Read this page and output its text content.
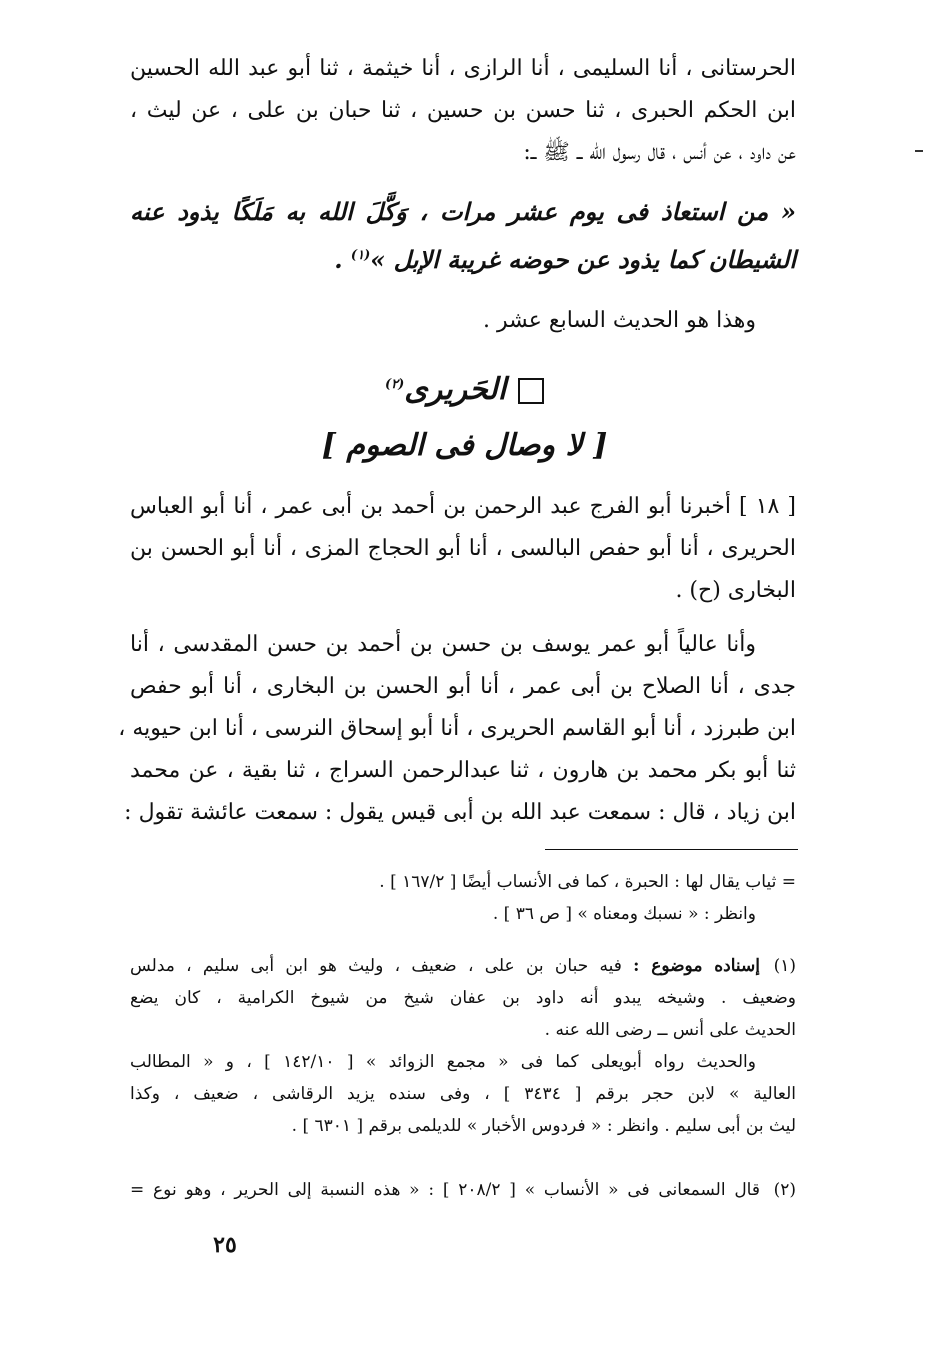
الحرستانى ، أنا السليمى ، أنا الرازى ، أنا خيثمة ، ثنا أبو عبد الله الحسين
ابن الحكم الحبرى ، ثنا حسن بن حسين ، ثنا حبان بن على ، عن ليث ،
عن داود ، عن أنس ، قال رسول الله ــ ﷺ ــ:
« من استعاذ فى يوم عشر مرات ، وَكَّلَ الله به مَلَكًا يذود عنه
الشيطان كما يذود عن حوضه غريبة الإبل »$^{(١)}$ .
وهذا هو الحديث السابع عشر .
الحَريرى$^{(٢)}$
[ لا وصال فى الصوم ]
[ ١٨ ] أخبرنا أبو الفرج عبد الرحمن بن أحمد بن أبى عمر ، أنا أبو العباس
الحريرى ، أنا أبو حفص البالسى ، أنا أبو الحجاج المزى ، أنا أبو الحسن بن
البخارى (ح) .
وأنا عالياً أبو عمر يوسف بن حسن بن أحمد بن حسن المقدسى ، أنا
جدى ، أنا الصلاح بن أبى عمر ، أنا أبو الحسن بن البخارى ، أنا أبو حفص
ابن طبرزد ، أنا أبو القاسم الحريرى ، أنا أبو إسحاق النرسى ، أنا ابن حيويه ،
ثنا أبو بكر محمد بن هارون ، ثنا عبدالرحمن السراج ، ثنا بقية ، عن محمد
ابن زياد ، قال : سمعت عبد الله بن أبى قيس يقول : سمعت عائشة تقول :
= ثياب يقال لها : الحبرة ، كما فى الأنساب أيضًا [ ١٦٧/٢ ] .
وانظر : « نسبك ومعناه » [ ص ٣٦ ] .
(١)إسناده موضوع : فيه حبان بن على ، ضعيف ، وليث هو ابن أبى سليم ، مدلس
وضعيف . وشيخه يبدو أنه داود بن عفان شيخ من شيوخ الكرامية ، كان يضع
الحديث على أنس ــ رضى الله عنه .
والحديث رواه أبويعلى كما فى « مجمع الزوائد » [ ١٤٢/١٠ ] ، و « المطالب
العالية » لابن حجر برقم [ ٣٤٣٤ ] ، وفى سنده يزيد الرقاشى ، ضعيف ، وكذا
ليث بن أبى سليم . وانظر : « فردوس الأخبار » للديلمى برقم [ ٦٣٠١ ] .
(٢)قال السمعانى فى « الأنساب » [ ٢٠٨/٢ ] : « هذه النسبة إلى الحرير ، وهو نوع =
٢٥
